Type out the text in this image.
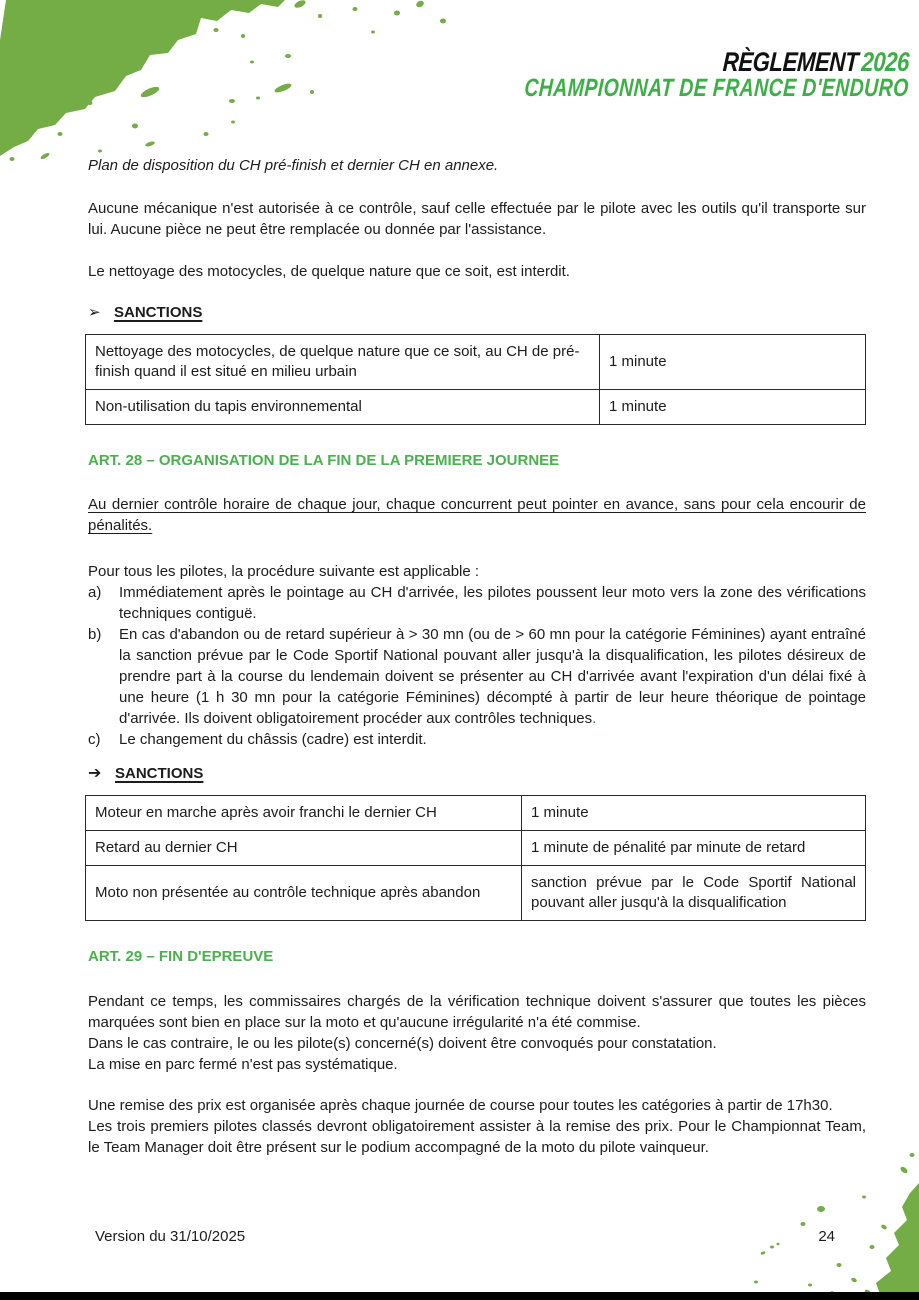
RÈGLEMENT2026
CHAMPIONNAT DE FRANCE D'ENDURO

Plan de disposition du CH pré-finish et dernier CH en annexe.

Aucune mécanique n'est autorisée à ce contrôle, sauf celle effectuée par le pilote avec les outils qu'il transporte sur lui. Aucune pièce ne peut être remplacée ou donnée par l'assistance.

Le nettoyage des motocycles, de quelque nature que ce soit, est interdit.

➢ SANCTIONS
Nettoyage des motocycles, de quelque nature que ce soit, au CH de pré-finish quand il est situé en milieu urbain	1 minute
Non-utilisation du tapis environnemental	1 minute
ART. 28 – ORGANISATION DE LA FIN DE LA PREMIERE JOURNEE

Au dernier contrôle horaire de chaque jour, chaque concurrent peut pointer en avance, sans pour cela encourir de pénalités.

Pour tous les pilotes, la procédure suivante est applicable :

a)	Immédiatement après le pointage au CH d'arrivée, les pilotes poussent leur moto vers la zone des vérifications techniques contiguë.
b)	En cas d'abandon ou de retard supérieur à > 30 mn (ou de > 60 mn pour la catégorie Féminines) ayant entraîné la sanction prévue par le Code Sportif National pouvant aller jusqu'à la disqualification, les pilotes désireux de prendre part à la course du lendemain doivent se présenter au CH d'arrivée avant l'expiration d'un délai fixé à une heure (1 h 30 mn pour la catégorie Féminines) décompté à partir de leur heure théorique de pointage d'arrivée. Ils doivent obligatoirement procéder aux contrôles techniques.
c)	Le changement du châssis (cadre) est interdit.
➔ SANCTIONS
Moteur en marche après avoir franchi le dernier CH	1 minute
Retard au dernier CH	1 minute de pénalité par minute de retard
Moto non présentée au contrôle technique après abandon	sanction prévue par le Code Sportif National pouvant aller jusqu'à la disqualification
ART. 29 – FIN D'EPREUVE

Pendant ce temps, les commissaires chargés de la vérification technique doivent s'assurer que toutes les pièces marquées sont bien en place sur la moto et qu'aucune irrégularité n'a été commise.

Dans le cas contraire, le ou les pilote(s) concerné(s) doivent être convoqués pour constatation.

La mise en parc fermé n'est pas systématique.

Une remise des prix est organisée après chaque journée de course pour toutes les catégories à partir de 17h30.

Les trois premiers pilotes classés devront obligatoirement assister à la remise des prix. Pour le Championnat Team, le Team Manager doit être présent sur le podium accompagné de la moto du pilote vainqueur.

Version du 31/10/2025	24
